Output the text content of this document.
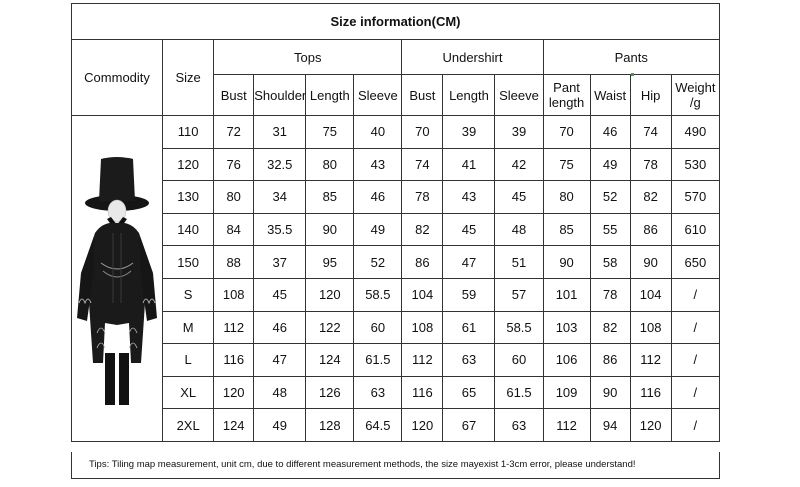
Size information(CM)												
Commodity	Size	Tops				Undershirt			Pants			
		Bust	Shoulder	Length	Sleeve	Bust	Length	Sleeve	Pant length	Waist	Hip	Weight /g
	110	72	31	75	40	70	39	39	70	46	74	490
	120	76	32.5	80	43	74	41	42	75	49	78	530
	130	80	34	85	46	78	43	45	80	52	82	570
	140	84	35.5	90	49	82	45	48	85	55	86	610
	150	88	37	95	52	86	47	51	90	58	90	650
	S	108	45	120	58.5	104	59	57	101	78	104	/
	M	112	46	122	60	108	61	58.5	103	82	108	/
	L	116	47	124	61.5	112	63	60	106	86	112	/
	XL	120	48	126	63	116	65	61.5	109	90	116	/
	2XL	124	49	128	64.5	120	67	63	112	94	120	/
Tips: Tiling map measurement, unit cm, due to different measurement methods, the size mayexist 1-3cm error, please understand!
